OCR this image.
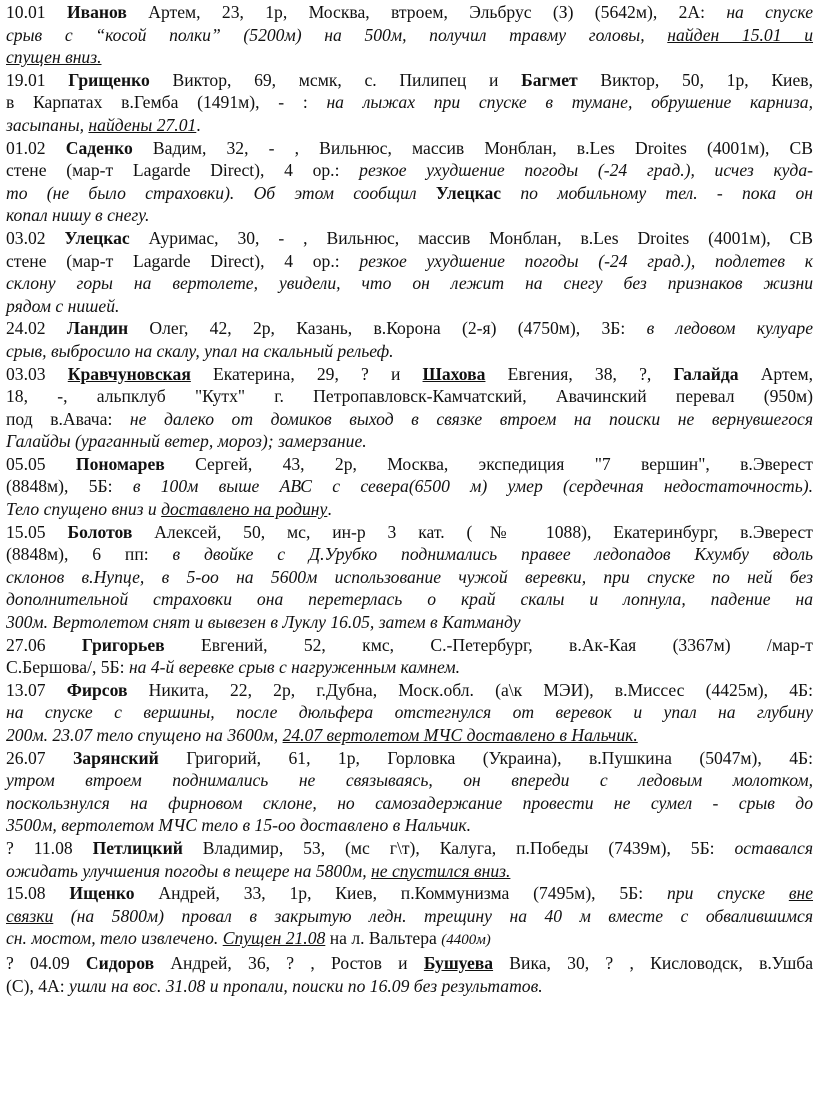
10.01 Иванов Артем, 23, 1р, Москва, втроем, Эльбрус (З) (5642м), 2А: на спуске
срыв с “косой полки” (5200м) на 500м, получил травму головы, найден 15.01 и
спущен вниз.
19.01 Грищенко Виктор, 69, мсмк, с. Пилипец и Багмет Виктор, 50, 1р, Киев,
в Карпатах в.Гемба (1491м), - : на лыжах при спуске в тумане, обрушение карниза,
засыпаны, найдены 27.01.
01.02 Саденко Вадим, 32, - , Вильнюс, массив Монблан, в.Les Droites (4001м), СВ
стене (мар-т Lagarde Direct), 4 ор.: резкое ухудшение погоды (-24 град.), исчез куда-
то (не было страховки). Об этом сообщил Улецкас по мобильному тел. - пока он
копал нишу в снегу.
03.02 Улецкас Ауримас, 30, - , Вильнюс, массив Монблан, в.Les Droites (4001м), СВ
стене (мар-т Lagarde Direct), 4 ор.: резкое ухудшение погоды (-24 град.), подлетев к
склону горы на вертолете, увидели, что он лежит на снегу без признаков жизни
рядом с нишей.
24.02 Ландин Олег, 42, 2р, Казань, в.Корона (2-я) (4750м), 3Б: в ледовом кулуаре
срыв, выбросило на скалу, упал на скальный рельеф.
03.03 Кравчуновская Екатерина, 29, ? и Шахова Евгения, 38, ?, Галайда Артем,
18, -, альпклуб "Кутх" г. Петропавловск-Камчатский, Авачинский перевал (950м)
под в.Авача: не далеко от домиков выход в связке втроем на поиски не вернувшегося
Галайды (ураганный ветер, мороз); замерзание.
05.05 Пономарев Сергей, 43, 2р, Москва, экспедиция "7 вершин", в.Эверест
(8848м), 5Б: в 100м выше АВС с севера(6500 м) умер (сердечная недостаточность).
Тело спущено вниз и доставлено на родину.
15.05 Болотов Алексей, 50, мс, ин-р 3 кат. (№ 1088), Екатеринбург, в.Эверест
(8848м), 6 пп: в двойке с Д.Урубко поднимались правее ледопадов Кхумбу вдоль
склонов в.Нупце, в 5-оо на 5600м использование чужой веревки, при спуске по ней без
дополнительной страховки она перетерлась о край скалы и лопнула, падение на
300м. Вертолетом снят и вывезен в Луклу 16.05, затем в Катманду
27.06 Григорьев Евгений, 52, кмс, С.-Петербург, в.Ак-Кая (3367м) /мар-т
С.Бершова/, 5Б: на 4-й веревке срыв с нагруженным камнем.
13.07 Фирсов Никита, 22, 2р, г.Дубна, Моск.обл. (а\к МЭИ), в.Миссес (4425м), 4Б:
на спуске с вершины, после дюльфера отстегнулся от веревок и упал на глубину
200м. 23.07 тело спущено на 3600м, 24.07 вертолетом МЧС доставлено в Нальчик.
26.07 Зарянский Григорий, 61, 1р, Горловка (Украина), в.Пушкина (5047м), 4Б:
утром втроем поднимались не связываясь, он впереди с ледовым молотком,
поскользнулся на фирновом склоне, но самозадержание провести не сумел - срыв до
3500м, вертолетом МЧС тело в 15-оо доставлено в Нальчик.
? 11.08 Петлицкий Владимир, 53, (мс г\т), Калуга, п.Победы (7439м), 5Б: оставался
ожидать улучшения погоды в пещере на 5800м, не спустился вниз.
15.08 Ищенко Андрей, 33, 1р, Киев, п.Коммунизма (7495м), 5Б: при спуске вне
связки (на 5800м) провал в закрытую ледн. трещину на 40 м вместе с обвалившимся
сн. мостом, тело извлечено. Спущен 21.08 на л. Вальтера (4400м)
? 04.09 Сидоров Андрей, 36, ? , Ростов и Бушуева Вика, 30, ? , Кисловодск, в.Ушба
(С), 4А: ушли на вос. 31.08 и пропали, поиски по 16.09 без результатов.
